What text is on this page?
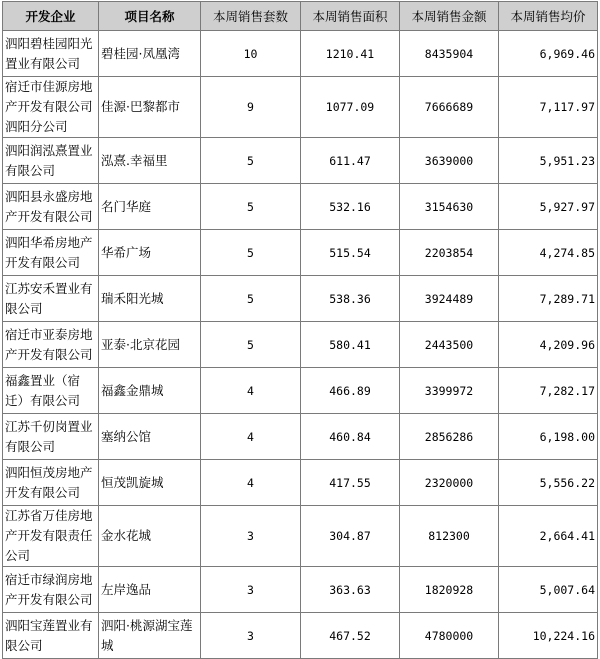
开发企业	项目名称	本周销售套数	本周销售面积	本周销售金额	本周销售均价
泗阳碧桂园阳光置业有限公司	碧桂园·凤凰湾	10	1210.41	8435904	6,969.46
宿迁市佳源房地产开发有限公司泗阳分公司	佳源·巴黎都市	9	1077.09	7666689	7,117.97
泗阳润泓熹置业有限公司	泓熹.幸福里	5	611.47	3639000	5,951.23
泗阳县永盛房地产开发有限公司	名门华庭	5	532.16	3154630	5,927.97
泗阳华希房地产开发有限公司	华希广场	5	515.54	2203854	4,274.85
江苏安禾置业有限公司	瑞禾阳光城	5	538.36	3924489	7,289.71
宿迁市亚泰房地产开发有限公司	亚泰·北京花园	5	580.41	2443500	4,209.96
福鑫置业（宿迁）有限公司	福鑫金鼎城	4	466.89	3399972	7,282.17
江苏千仞岗置业有限公司	塞纳公馆	4	460.84	2856286	6,198.00
泗阳恒茂房地产开发有限公司	恒茂凯旋城	4	417.55	2320000	5,556.22
江苏省万佳房地产开发有限责任公司	金水花城	3	304.87	812300	2,664.41
宿迁市绿润房地产开发有限公司	左岸逸品	3	363.63	1820928	5,007.64
泗阳宝莲置业有限公司	泗阳·桃源湖宝莲城	3	467.52	4780000	10,224.16
